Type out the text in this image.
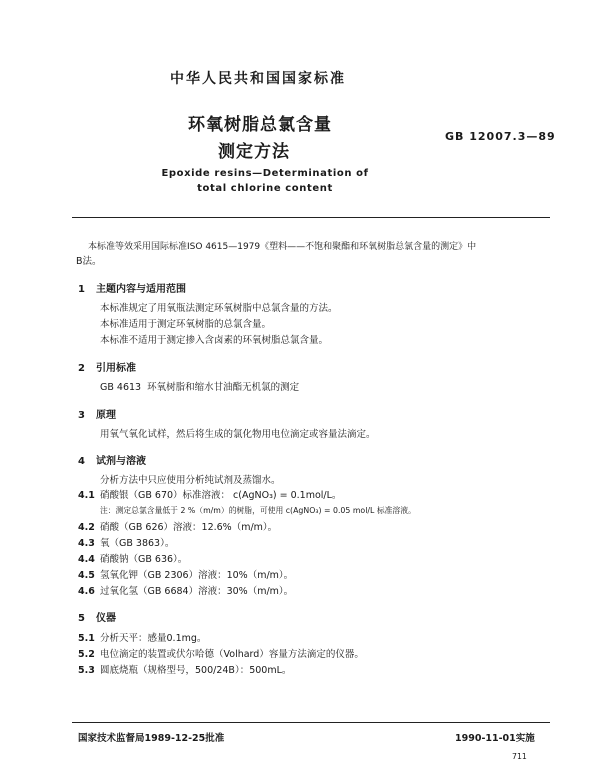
中华人民共和国国家标准
环氧树脂总氯含量
GB 12007.3—89
测定方法
Epoxide resins—Determination of
total chlorine content
本标准等效采用国际标准ISO 4615—1979《塑料——不饱和聚酯和环氧树脂总氯含量的测定》中
B法。
1 主题内容与适用范围
本标准规定了用氧瓶法测定环氧树脂中总氯含量的方法。
本标准适用于测定环氧树脂的总氯含量。
本标准不适用于测定掺入含卤素的环氧树脂总氯含量。
2 引用标准
GB 4613  环氧树脂和缩水甘油酯无机氯的测定
3 原理
用氧气氧化试样，然后将生成的氯化物用电位滴定或容量法滴定。
4 试剂与溶液
分析方法中只应使用分析纯试剂及蒸馏水。
4.1 硝酸银（GB 670）标准溶液： c(AgNO₃) = 0.1mol/L。
注：测定总氯含量低于 2 %（m/m）的树脂，可使用 c(AgNO₃) = 0.05 mol/L 标准溶液。
4.2 硝酸（GB 626）溶液：12.6%（m/m）。
4.3 氧（GB 3863）。
4.4 硝酸钠（GB 636）。
4.5 氢氧化钾（GB 2306）溶液：10%（m/m）。
4.6 过氧化氢（GB 6684）溶液：30%（m/m）。
5 仪器
5.1 分析天平：感量0.1mg。
5.2 电位滴定的装置或伏尔哈德（Volhard）容量方法滴定的仪器。
5.3 圆底烧瓶（规格型号，500/24B）：500mL。
国家技术监督局1989-12-25批准	1990-11-01实施
711
